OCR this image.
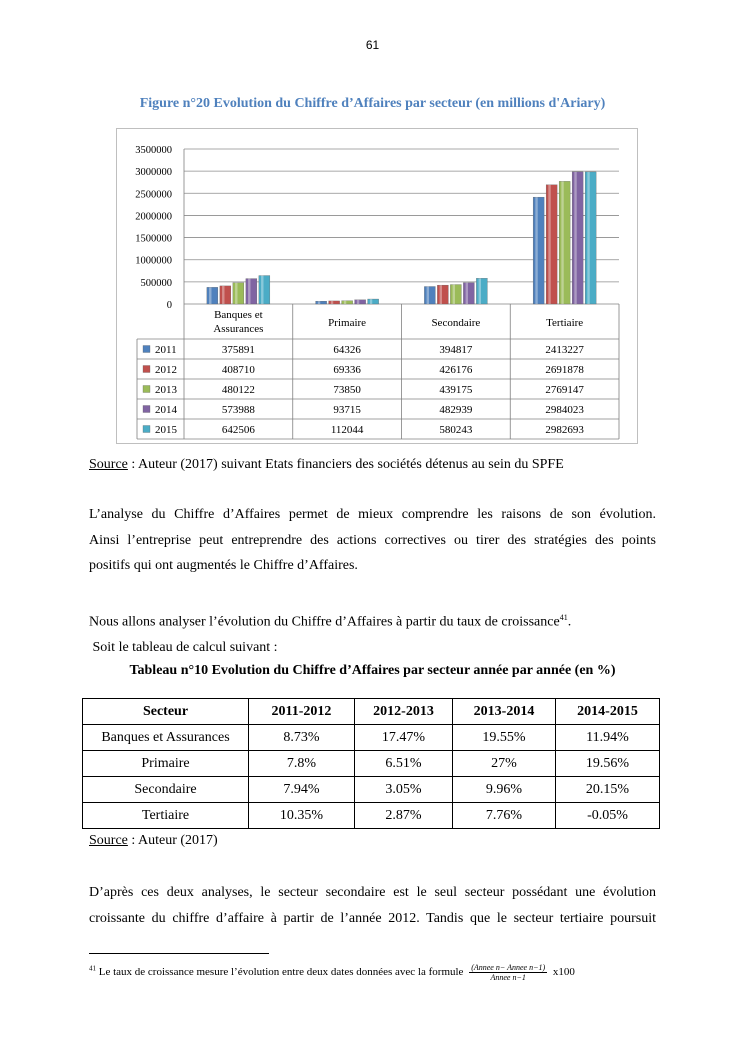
61
Figure n°20 Evolution du Chiffre d’Affaires par secteur (en millions d'Ariary)
0
500000
1000000
1500000
2000000
2500000
3000000
3500000
Banques et
Assurances	Primaire	Secondaire	Tertiaire
2011	375891	64326	394817	2413227
2012	408710	69336	426176	2691878
2013	480122	73850	439175	2769147
2014	573988	93715	482939	2984023
2015	642506	112044	580243	2982693
Source : Auteur (2017) suivant Etats financiers des sociétés détenus au sein du SPFE
L’analyse du Chiffre d’Affaires permet de mieux comprendre les raisons de son évolution.
Ainsi l’entreprise peut entreprendre des actions correctives ou tirer des stratégies des points
positifs qui ont augmentés le Chiffre d’Affaires.
Nous allons analyser l’évolution du Chiffre d’Affaires à partir du taux de croissance$^{41}$.
Soit le tableau de calcul suivant :
Tableau n°10 Evolution du Chiffre d’Affaires par secteur année par année (en %)
Secteur	2011-2012	2012-2013	2013-2014	2014-2015
Banques et Assurances	8.73%	17.47%	19.55%	11.94%
Primaire	7.8%	6.51%	27%	19.56%
Secondaire	7.94%	3.05%	9.96%	20.15%
Tertiaire	10.35%	2.87%	7.76%	-0.05%
Source : Auteur (2017)
D’après ces deux analyses, le secteur secondaire est le seul secteur possédant une évolution
croissante du chiffre d’affaire à partir de l’année 2012. Tandis que le secteur tertiaire poursuit
$^{41}$ Le taux de croissance mesure l’évolution entre deux dates données avec la formule $\frac{\text{(Annee n− Annee n−1)}}{\text{Annee n−1}} x100$
